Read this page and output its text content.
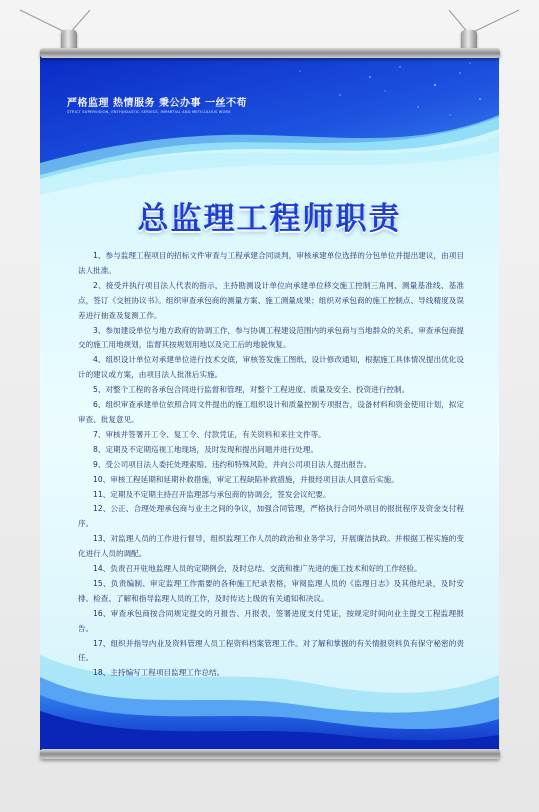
严格监理 热情服务 秉公办事 一丝不苟
STRICT SUPERVISION, ENTHUSIASTIC SERVICE, IMPARTIAL AND METICULOUS WORK
总监理工程师职责

1、参与监理工程项目的招标文件审查与工程承建合同谈判，审核承建单位选择的分包单位并提出建议，由项目法人批准。

2、接受并执行项目法人代表的指示，主持勘测设计单位向承建单位移交施工控制三角网、测量基准线、基准点，签订《交桩协议书》。组织审查承包商的测量方案、施工测量成果；组织对承包商的施工控制点、导线精度及误差进行抽查及复测工作。

3、参加建设单位与地方政府的协调工作，参与协调工程建设范围内的承包商与当地群众的关系。审查承包商提交的施工用地规划，监督其按规划用地以及完工后的地貌恢复。

4、组织设计单位对承建单位进行技术交底，审核签发施工图纸、设计修改通知，根据施工具体情况提出优化设计的建议或方案，由项目法人批准后实施。

5、对整个工程的各承包合同进行监督和管理，对整个工程进度、质量及安全、投资进行控制。

6、组织审查承建单位依照合同文件提出的施工组织设计和质量控制专项报告，设备材料和资金使用计划，拟定审查、批复意见。

7、审核并签署开工令、复工令、付款凭证，有关资料和来往文件等。

8、定期及不定期巡视工地现场，及时发现和提出问题并进行处理。

9、受公司项目法人委托处理索赔、违约和特殊风险，并向公司项目法人提出报告。

10、审核工程延期和延期补救措施，审定工程缺陷补救措施，并报经项目法人同意后实施。

11、定期及不定期主持召开监理部与承包商的协调会，签发会议纪要。

12、公正、合理处理承包商与业主之间的争议，加强合同管理，严格执行合同外项目的报批程序及资金支付程序。

13、对监理人员的工作进行督导，组织监理工作人员的政治和业务学习，开展廉洁执政。并根据工程实施的变化进行人员的调配。

14、负责召开驻地监理人员的定期例会，及时总结、交流和推广先进的施工技术和好的工作经验。

15、负责编制、审定监理工作需要的各种施工纪录表格，审阅监理人员的《监理日志》及其他纪录，及时安排、检查、了解和指导监理人员的工作，及时传达上级的有关通知和决议。

16、审查承包商按合同规定提交的月报告、月报表，签署进度支付凭证，按规定时间向业主提交工程监理报告。

17、组织并指导内业及资料管理人员工程资料档案管理工作。对了解和掌握的有关情报资料负有保守秘密的责任。

18、主持编写工程项目监理工作总结。
